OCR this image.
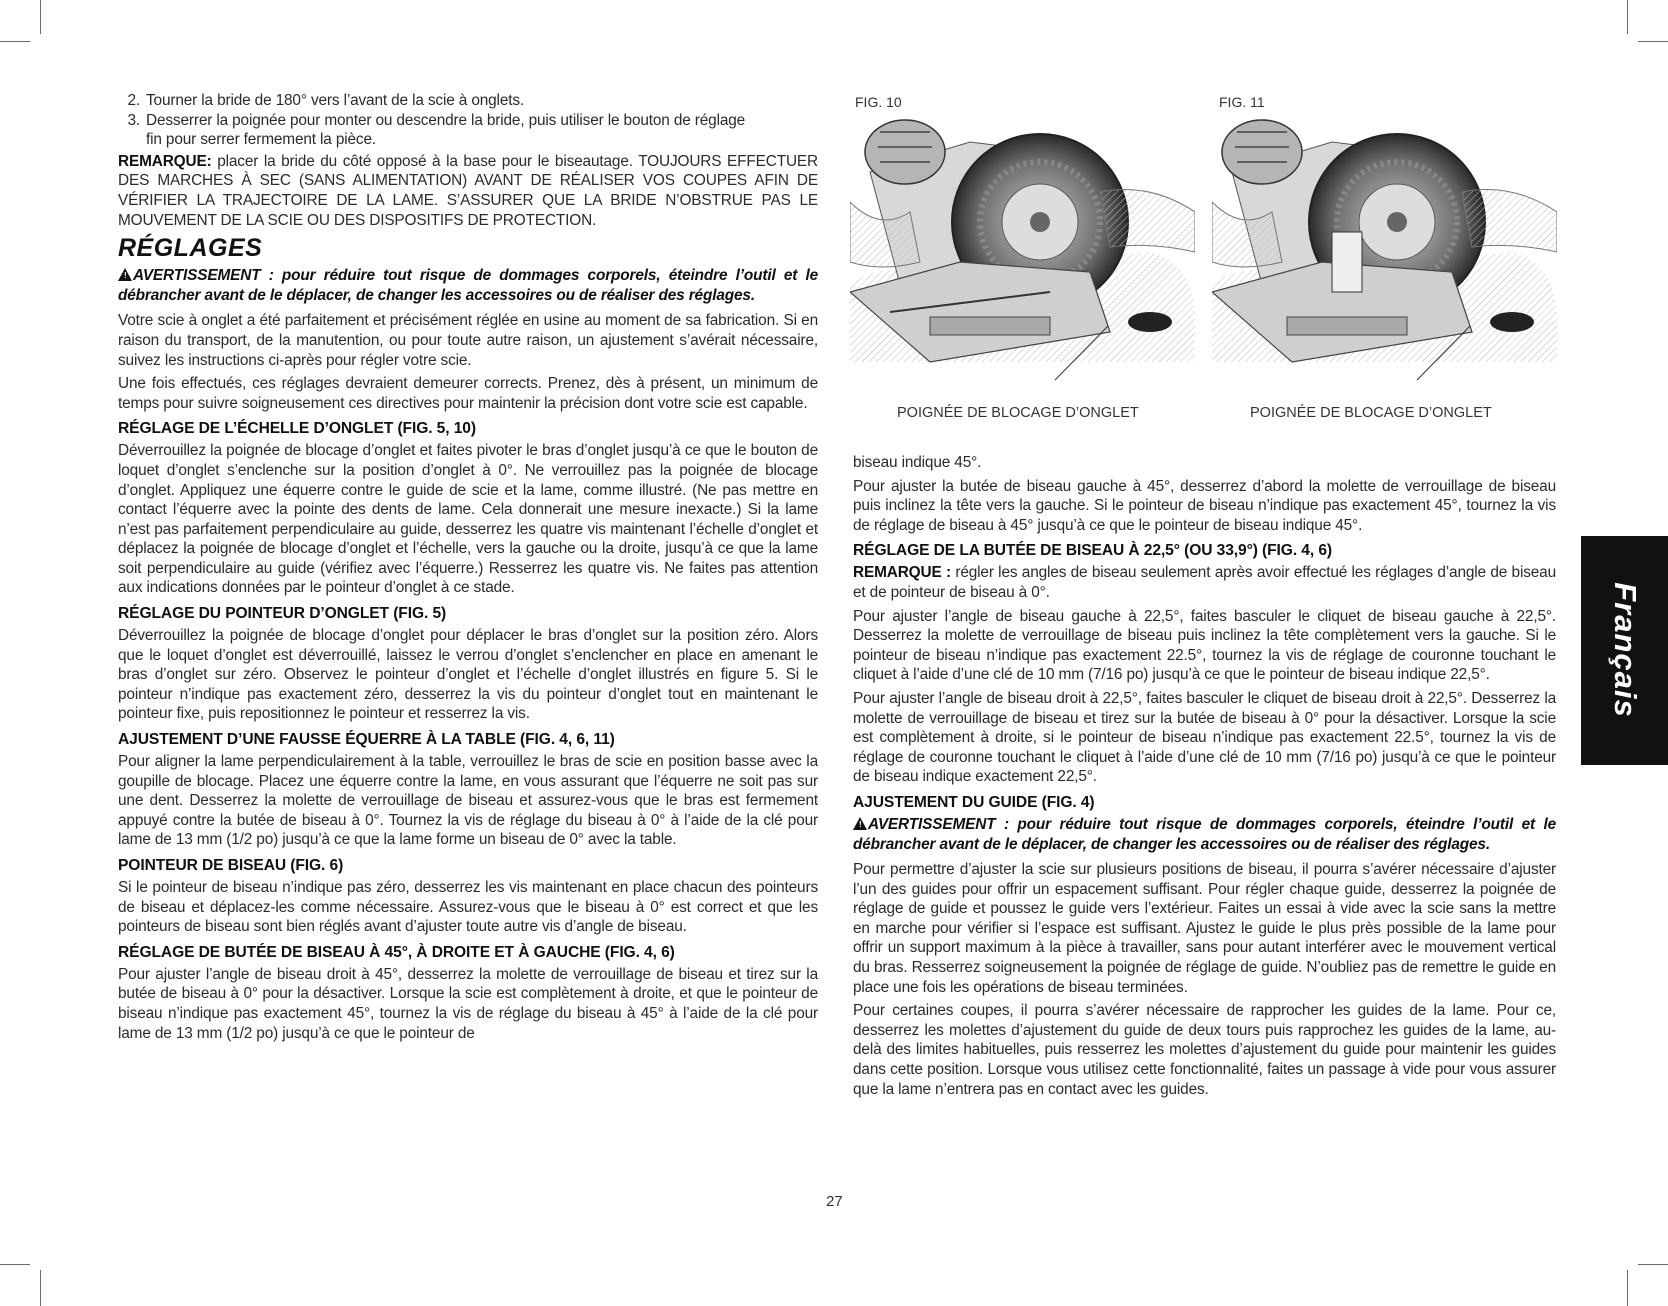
2. Tourner la bride de 180° vers l’avant de la scie à onglets.
3. Desserrer la poignée pour monter ou descendre la bride, puis utiliser le bouton de réglage
fin pour serrer fermement la pièce.

REMARQUE: placer la bride du côté opposé à la base pour le biseautage. TOUJOURS EFFECTUER DES MARCHES À SEC (SANS ALIMENTATION) AVANT DE RÉALISER VOS COUPES AFIN DE VÉRIFIER LA TRAJECTOIRE DE LA LAME. S’ASSURER QUE LA BRIDE N’OBSTRUE PAS LE MOUVEMENT DE LA SCIE OU DES DISPOSITIFS DE PROTECTION.

RÉGLAGES

! AVERTISSEMENT : pour réduire tout risque de dommages corporels, éteindre l’outil et le débrancher avant de le déplacer, de changer les accessoires ou de réaliser des réglages.

Votre scie à onglet a été parfaitement et précisément réglée en usine au moment de sa fabrication. Si en raison du transport, de la manutention, ou pour toute autre raison, un ajustement s’avérait nécessaire, suivez les instructions ci-après pour régler votre scie.

Une fois effectués, ces réglages devraient demeurer corrects. Prenez, dès à présent, un minimum de temps pour suivre soigneusement ces directives pour maintenir la précision dont votre scie est capable.

RÉGLAGE DE L’ÉCHELLE D’ONGLET (FIG. 5, 10)

Déverrouillez la poignée de blocage d’onglet et faites pivoter le bras d’onglet jusqu’à ce que le bouton de loquet d’onglet s’enclenche sur la position d’onglet à 0°. Ne verrouillez pas la poignée de blocage d’onglet. Appliquez une équerre contre le guide de scie et la lame, comme illustré. (Ne pas mettre en contact l’équerre avec la pointe des dents de lame. Cela donnerait une mesure inexacte.) Si la lame n’est pas parfaitement perpendiculaire au guide, desserrez les quatre vis maintenant l’échelle d’onglet et déplacez la poignée de blocage d’onglet et l’échelle, vers la gauche ou la droite, jusqu’à ce que la lame soit perpendiculaire au guide (vérifiez avec l’équerre.) Resserrez les quatre vis. Ne faites pas attention aux indications données par le pointeur d’onglet à ce stade.

RÉGLAGE DU POINTEUR D’ONGLET (FIG. 5)

Déverrouillez la poignée de blocage d’onglet pour déplacer le bras d’onglet sur la position zéro. Alors que le loquet d’onglet est déverrouillé, laissez le verrou d’onglet s’enclencher en place en amenant le bras d’onglet sur zéro. Observez le pointeur d’onglet et l’échelle d’onglet illustrés en figure 5. Si le pointeur n’indique pas exactement zéro, desserrez la vis du pointeur d’onglet tout en maintenant le pointeur fixe, puis repositionnez le pointeur et resserrez la vis.

AJUSTEMENT D’UNE FAUSSE ÉQUERRE À LA TABLE (FIG. 4, 6, 11)

Pour aligner la lame perpendiculairement à la table, verrouillez le bras de scie en position basse avec la goupille de blocage. Placez une équerre contre la lame, en vous assurant que l’équerre ne soit pas sur une dent. Desserrez la molette de verrouillage de biseau et assurez-vous que le bras est fermement appuyé contre la butée de biseau à 0°. Tournez la vis de réglage du biseau à 0° à l’aide de la clé pour lame de 13 mm (1/2 po) jusqu’à ce que la lame forme un biseau de 0° avec la table.

POINTEUR DE BISEAU (FIG. 6)

Si le pointeur de biseau n’indique pas zéro, desserrez les vis maintenant en place chacun des pointeurs de biseau et déplacez-les comme nécessaire. Assurez-vous que le biseau à 0° est correct et que les pointeurs de biseau sont bien réglés avant d’ajuster toute autre vis d’angle de biseau.

RÉGLAGE DE BUTÉE DE BISEAU À 45°, À DROITE ET À GAUCHE (FIG. 4, 6)

Pour ajuster l’angle de biseau droit à 45°, desserrez la molette de verrouillage de biseau et tirez sur la butée de biseau à 0° pour la désactiver. Lorsque la scie est complètement à droite, et que le pointeur de biseau n’indique pas exactement 45°, tournez la vis de réglage du biseau à 45° à l’aide de la clé pour lame de 13 mm (1/2 po) jusqu’à ce que le pointeur de

FIG. 10	FIG. 11
POIGNÉE DE BLOCAGE D’ONGLET	POIGNÉE DE BLOCAGE D’ONGLET

biseau indique 45°.

Pour ajuster la butée de biseau gauche à 45°, desserrez d’abord la molette de verrouillage de biseau puis inclinez la tête vers la gauche. Si le pointeur de biseau n’indique pas exactement 45°, tournez la vis de réglage de biseau à 45° jusqu’à ce que le pointeur de biseau indique 45°.

RÉGLAGE DE LA BUTÉE DE BISEAU À 22,5° (OU 33,9°) (FIG. 4, 6)

REMARQUE : régler les angles de biseau seulement après avoir effectué les réglages d’angle de biseau et de pointeur de biseau à 0°.

Pour ajuster l’angle de biseau gauche à 22,5°, faites basculer le cliquet de biseau gauche à 22,5°. Desserrez la molette de verrouillage de biseau puis inclinez la tête complètement vers la gauche. Si le pointeur de biseau n’indique pas exactement 22.5°, tournez la vis de réglage de couronne touchant le cliquet à l’aide d’une clé de 10 mm (7/16 po) jusqu’à ce que le pointeur de biseau indique 22,5°.

Pour ajuster l’angle de biseau droit à 22,5°, faites basculer le cliquet de biseau droit à 22,5°. Desserrez la molette de verrouillage de biseau et tirez sur la butée de biseau à 0° pour la désactiver. Lorsque la scie est complètement à droite, si le pointeur de biseau n’indique pas exactement 22.5°, tournez la vis de réglage de couronne touchant le cliquet à l’aide d’une clé de 10 mm (7/16 po) jusqu’à ce que le pointeur de biseau indique exactement 22,5°.

AJUSTEMENT DU GUIDE (FIG. 4)

! AVERTISSEMENT : pour réduire tout risque de dommages corporels, éteindre l’outil et le débrancher avant de le déplacer, de changer les accessoires ou de réaliser des réglages.

Pour permettre d’ajuster la scie sur plusieurs positions de biseau, il pourra s’avérer nécessaire d’ajuster l’un des guides pour offrir un espacement suffisant. Pour régler chaque guide, desserrez la poignée de réglage de guide et poussez le guide vers l’extérieur. Faites un essai à vide avec la scie sans la mettre en marche pour vérifier si l’espace est suffisant. Ajustez le guide le plus près possible de la lame pour offrir un support maximum à la pièce à travailler, sans pour autant interférer avec le mouvement vertical du bras. Resserrez soigneusement la poignée de réglage de guide. N’oubliez pas de remettre le guide en place une fois les opérations de biseau terminées.

Pour certaines coupes, il pourra s’avérer nécessaire de rapprocher les guides de la lame. Pour ce, desserrez les molettes d’ajustement du guide de deux tours puis rapprochez les guides de la lame, au-delà des limites habituelles, puis resserrez les molettes d’ajustement du guide pour maintenir les guides dans cette position. Lorsque vous utilisez cette fonctionnalité, faites un passage à vide pour vous assurer que la lame n’entrera pas en contact avec les guides.

Français
27
